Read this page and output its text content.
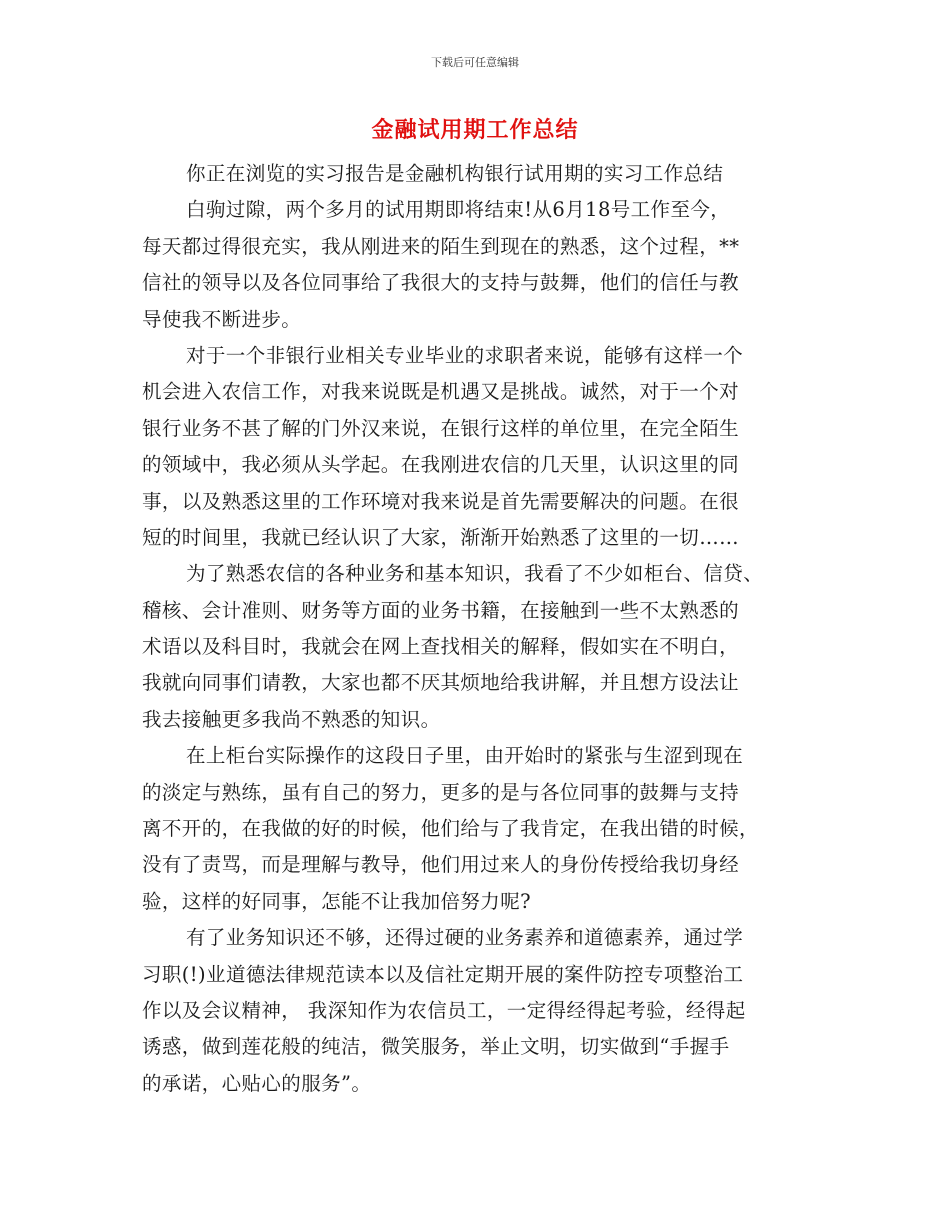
下载后可任意编辑
金融试用期工作总结
你正在浏览的实习报告是金融机构银行试用期的实习工作总结
白驹过隙，两个多月的试用期即将结束!从6月18号工作至今，
每天都过得很充实，我从刚进来的陌生到现在的熟悉，这个过程，**
信社的领导以及各位同事给了我很大的支持与鼓舞，他们的信任与教
导使我不断进步。
对于一个非银行业相关专业毕业的求职者来说，能够有这样一个
机会进入农信工作，对我来说既是机遇又是挑战。诚然，对于一个对
银行业务不甚了解的门外汉来说，在银行这样的单位里，在完全陌生
的领域中，我必须从头学起。在我刚进农信的几天里，认识这里的同
事，以及熟悉这里的工作环境对我来说是首先需要解决的问题。在很
短的时间里，我就已经认识了大家，渐渐开始熟悉了这里的一切……
为了熟悉农信的各种业务和基本知识，我看了不少如柜台、信贷、
稽核、会计准则、财务等方面的业务书籍，在接触到一些不太熟悉的
术语以及科目时，我就会在网上查找相关的解释，假如实在不明白，
我就向同事们请教，大家也都不厌其烦地给我讲解，并且想方设法让
我去接触更多我尚不熟悉的知识。
在上柜台实际操作的这段日子里，由开始时的紧张与生涩到现在
的淡定与熟练，虽有自己的努力，更多的是与各位同事的鼓舞与支持
离不开的，在我做的好的时候，他们给与了我肯定，在我出错的时候，
没有了责骂，而是理解与教导，他们用过来人的身份传授给我切身经
验，这样的好同事，怎能不让我加倍努力呢?
有了业务知识还不够，还得过硬的业务素养和道德素养，通过学
习职(!)业道德法律规范读本以及信社定期开展的案件防控专项整治工
作以及会议精神， 我深知作为农信员工，一定得经得起考验，经得起
诱惑，做到莲花般的纯洁，微笑服务，举止文明，切实做到“手握手
的承诺，心贴心的服务”。
